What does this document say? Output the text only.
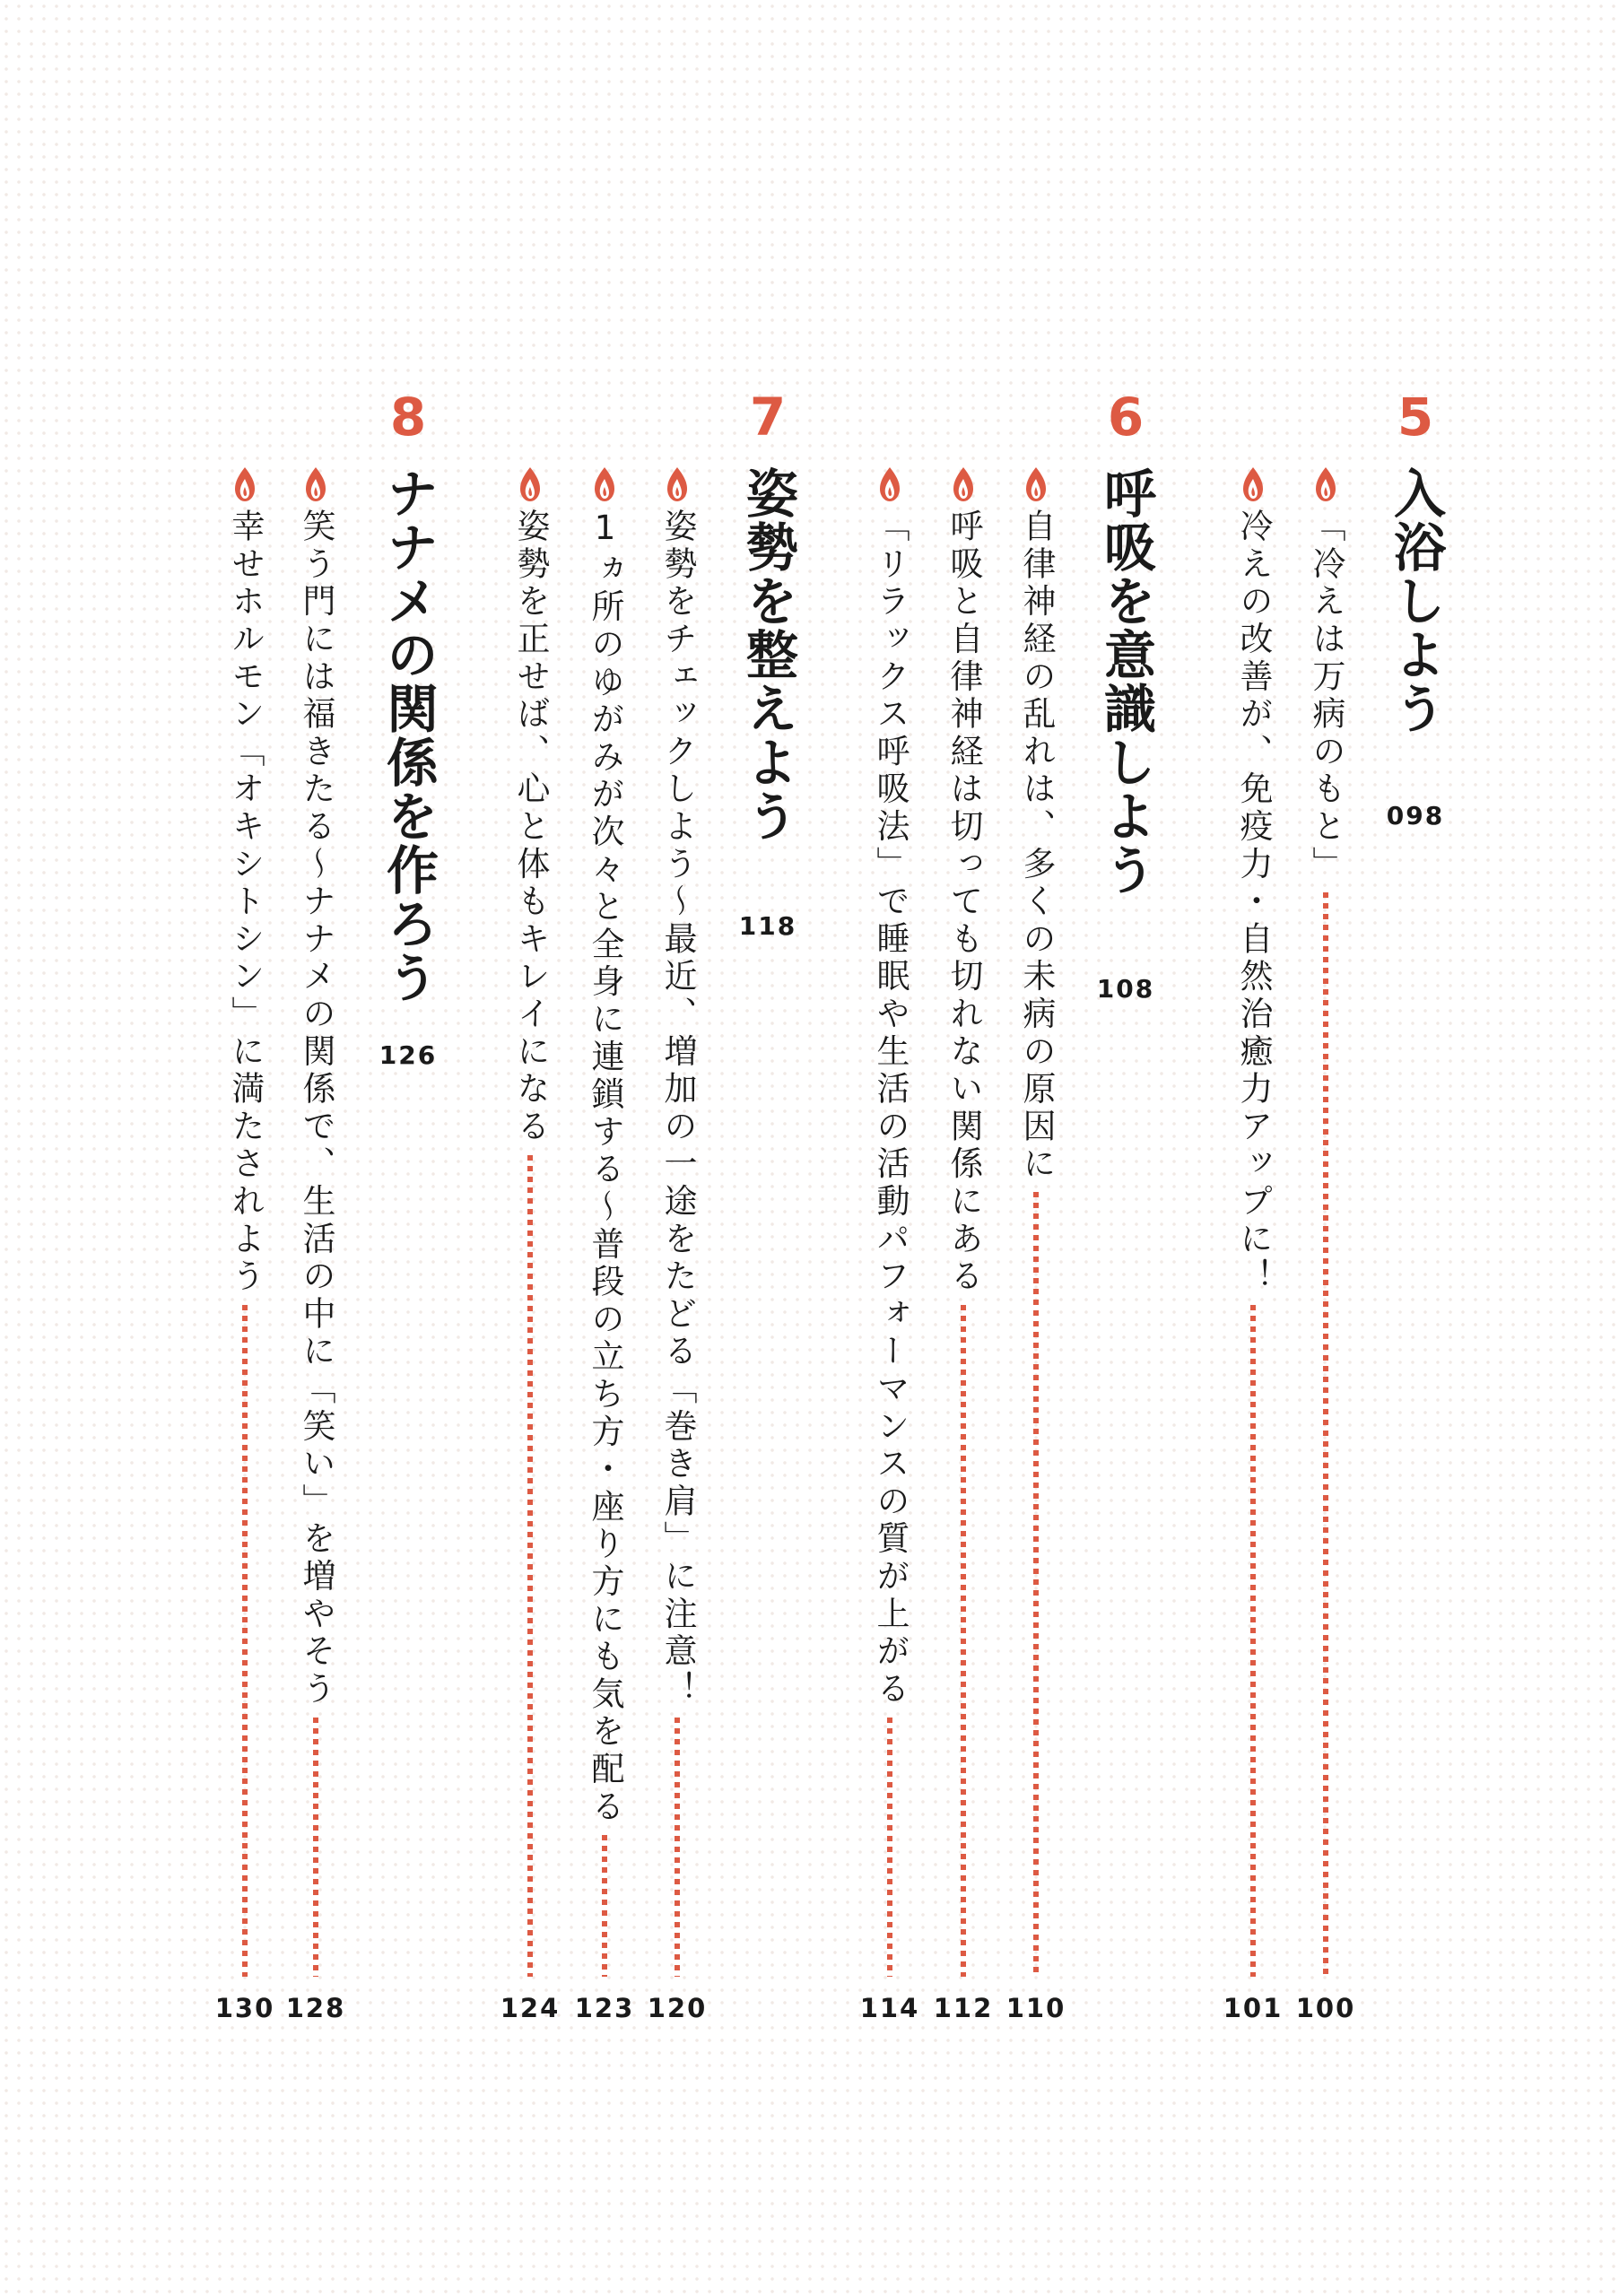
5
入浴しよう
098
「冷えは万病のもと」
100
冷えの改善が、免疫力・自然治癒力アップに！
101
6
呼吸を意識しよう
108
自律神経の乱れは、多くの未病の原因に
110
呼吸と自律神経は切っても切れない関係にある
112
「リラックス呼吸法」で睡眠や生活の活動パフォーマンスの質が上がる
114
7
姿勢を整えよう
118
姿勢をチェックしよう～最近、増加の一途をたどる「巻き肩」に注意！
120
1ヵ所のゆがみが次々と全身に連鎖する～普段の立ち方・座り方にも気を配る
123
姿勢を正せば、心と体もキレイになる
124
8
ナナメの関係を作ろう
126
笑う門には福きたる～ナナメの関係で、生活の中に「笑い」を増やそう
128
幸せホルモン「オキシトシン」に満たされよう
130
